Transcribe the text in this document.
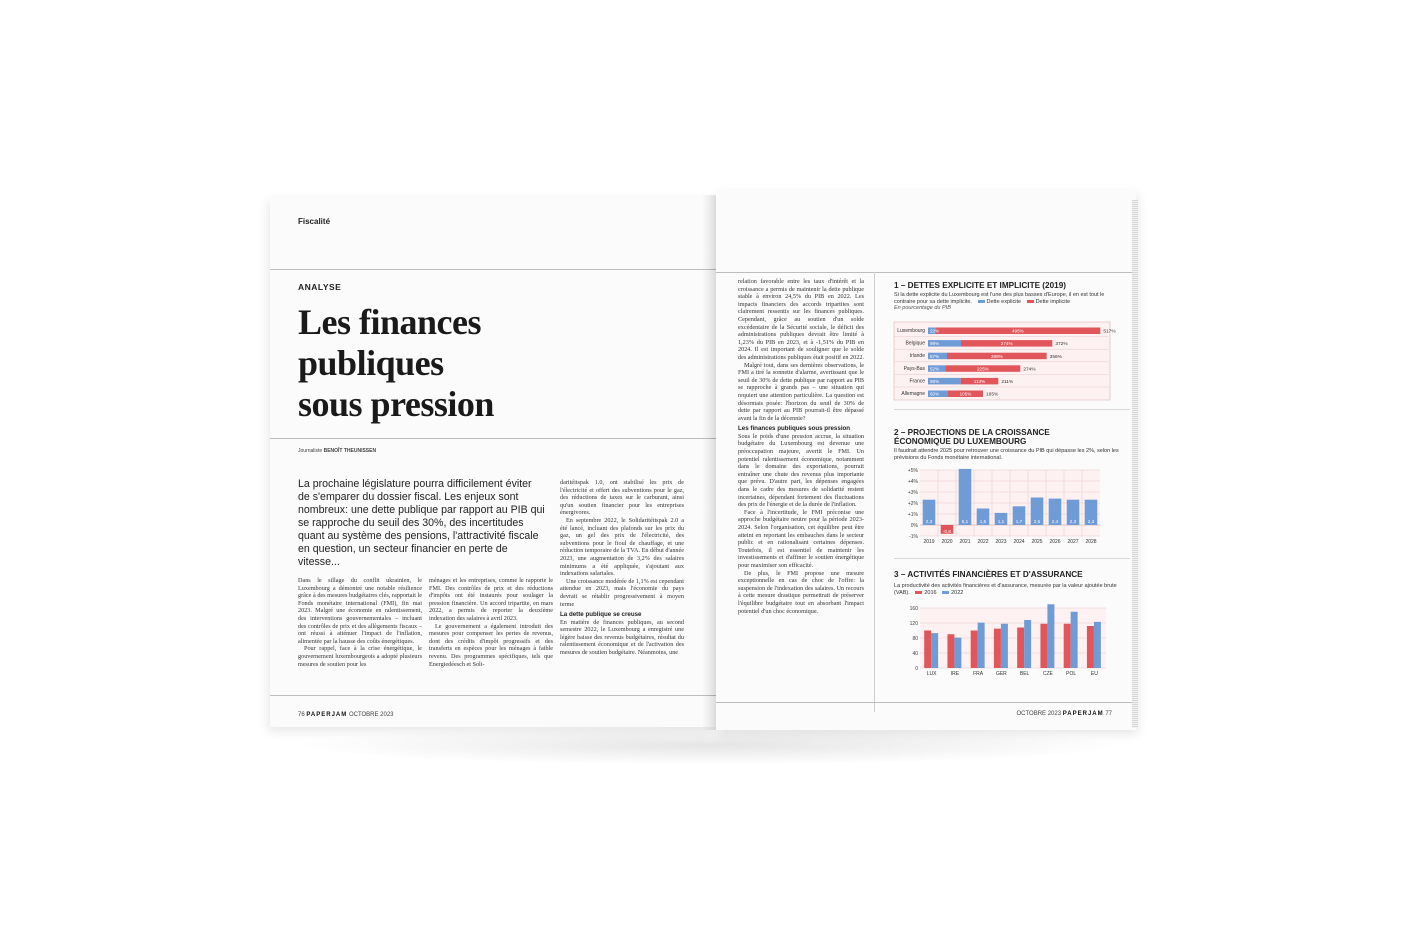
Fiscalité
ANALYSE
Les finances
publiques
sous pression
Journaliste BENOÎT THEUNISSEN
La prochaine législature pourra difficilement éviter de s'emparer du dossier fiscal. Les enjeux sont nombreux: une dette publique par rapport au PIB qui se rapproche du seuil des 30%, des incertitudes quant au système des pensions, l'attractivité fiscale en question, un secteur financier en perte de vitesse...

Dans le sillage du conflit ukrainien, le Luxembourg a démontré une notable résilience grâce à des mesures budgétaires clés, rapportait le Fonds monétaire international (FMI), fin mai 2023. Malgré une économie en ralentissement, des interventions gouvernementales – incluant des contrôles de prix et des allègements fiscaux – ont réussi à atténuer l'impact de l'inflation, alimentée par la hausse des coûts énergétiques.

Pour rappel, face à la crise énergétique, le gouvernement luxembourgeois a adopté plusieurs mesures de soutien pour les

ménages et les entreprises, comme le rapporte le FMI. Des contrôles de prix et des réductions d'impôts ont été instaurés pour soulager la pression financière. Un accord tripartite, en mars 2022, a permis de reporter la deuxième indexation des salaires à avril 2023.

Le gouvernement a également introduit des mesures pour compenser les pertes de revenus, dont des crédits d'impôt progressifs et des transferts en espèces pour les ménages à faible revenu. Des programmes spécifiques, tels que Energiedéesch et Soli-

daritéitspak 1.0, ont stabilisé les prix de l'électricité et offert des subventions pour le gaz, des réductions de taxes sur le carburant, ainsi qu'un soutien financier pour les entreprises énergivores.

En septembre 2022, le Solidaritéitspak 2.0 a été lancé, incluant des plafonds sur les prix du gaz, un gel des prix de l'électricité, des subventions pour le fioul de chauffage, et une réduction temporaire de la TVA. En début d'année 2023, une augmentation de 3,2% des salaires minimums a été appliquée, s'ajoutant aux indexations salariales.

Une croissance modérée de 1,1% est cependant attendue en 2023, mais l'économie du pays devrait se rétablir progressivement à moyen terme

La dette publique se creuse

En matière de finances publiques, au second semestre 2022, le Luxembourg a enregistré une légère baisse des revenus budgétaires, résultat du ralentissement économique et de l'activation des mesures de soutien budgétaire. Néanmoins, une

76 PAPERJAM OCTOBRE 2023

relation favorable entre les taux d'intérêt et la croissance a permis de maintenir la dette publique stable à environ 24,5% du PIB en 2022. Les impacts financiers des accords tripartites sont clairement ressentis sur les finances publiques. Cependant, grâce au soutien d'un solde excédentaire de la Sécurité sociale, le déficit des administrations publiques devrait être limité à 1,23% du PIB en 2023, et à -1,51% du PIB en 2024. Il est important de souligner que le solde des administrations publiques était positif en 2022.

Malgré tout, dans ses dernières observations, le FMI a tiré la sonnette d'alarme, avertissant que le seuil de 30% de dette publique par rapport au PIB se rapproche à grands pas – une situation qui requiert une attention particulière. La question est désormais posée: l'horizon du seuil de 30% de dette par rapport au PIB pourrait-il être dépassé avant la fin de la décennie?

Les finances publiques sous pression

Sous le poids d'une pression accrue, la situation budgétaire du Luxembourg est devenue une préoccupation majeure, avertit le FMI. Un potentiel ralentissement économique, notamment dans le domaine des exportations, pourrait entraîner une chute des revenus plus importante que prévu. D'autre part, les dépenses engagées dans le cadre des mesures de solidarité restent incertaines, dépendant fortement des fluctuations des prix de l'énergie et de la durée de l'inflation.

Face à l'incertitude, le FMI préconise une approche budgétaire neutre pour la période 2023-2024. Selon l'organisation, cet équilibre peut être atteint en reportant les embauches dans le secteur public et en rationalisant certaines dépenses. Toutefois, il est essentiel de maintenir les investissements et d'affiner le soutien énergétique pour maximiser son efficacité.

De plus, le FMI propose une mesure exceptionnelle en cas de choc de l'offre: la suspension de l'indexation des salaires. Un recours à cette mesure drastique permettrait de préserver l'équilibre budgétaire tout en absorbant l'impact potentiel d'un choc économique.

1 – DETTES EXPLICITE ET IMPLICITE (2019)
Si la dette explicite du Luxembourg est l'une des plus basses d'Europe, il en est tout le contraire pour sa dette implicite.	Dette explicite	Dette implicite
En pourcentage du PIB
Luxembourg 22%	495%	517%
Belgique 99%	274%	372%
Irlande 57%	299%	356%
Pays-Bas 52%	225%	274%
France 98%	113%	211%
Allemagne 60%	105%	165%
2 – PROJECTIONS DE LA CROISSANCE
ÉCONOMIQUE DU LUXEMBOURG
Il faudrait attendre 2025 pour retrouver une croissance du PIB qui dépasse les 2%, selon les prévisions du Fonds monétaire international.
-1%
0%
+1%
+2%
+3%
+4%
+5%
2,3
2019
-0,8
2020
5,1
2021
1,5
2022
1,1
2023
1,7
2024
2,5
2025
2,4
2026
2,3
2027
2,3
2028
3 – ACTIVITÉS FINANCIÈRES ET D'ASSURANCE
La productivité des activités financières et d'assurance, mesurée par la valeur ajoutée brute (VAB).	2016	2022
0
40
80
120
160
LUX	IRE	FRA	GER	BEL	CZE	POL	EU
OCTOBRE 2023 PAPERJAM 77
